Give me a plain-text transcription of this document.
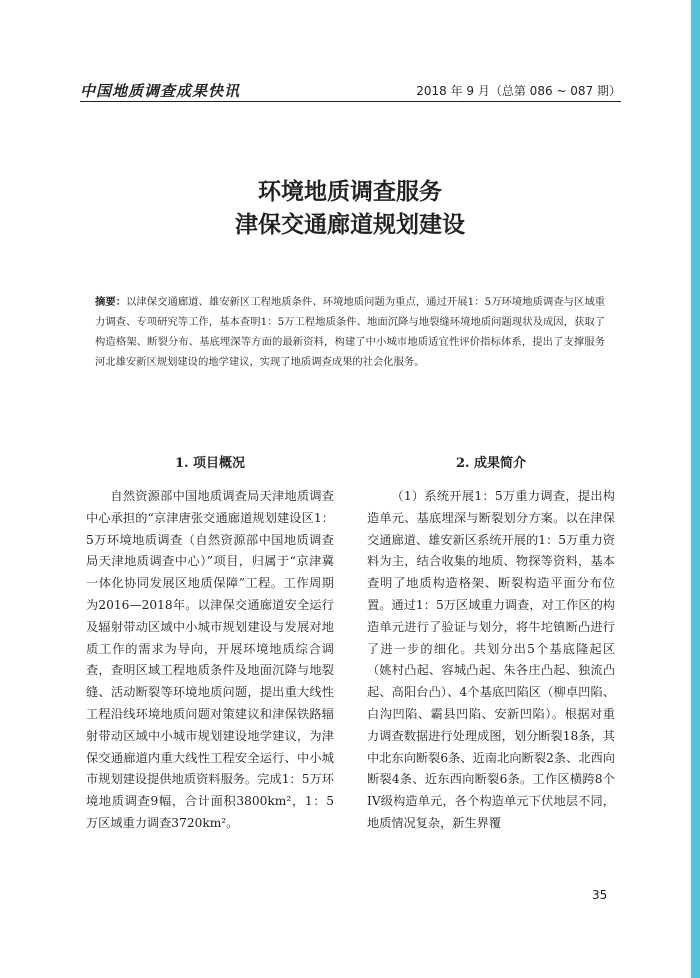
中国地质调查成果快讯	2018 年 9 月（总第 086 ~ 087 期）
环境地质调查服务
津保交通廊道规划建设
摘要：以津保交通廊道、雄安新区工程地质条件、环境地质问题为重点，通过开展1：5万环境地质调查与区域重力调查、专项研究等工作，基本查明1：5万工程地质条件、地面沉降与地裂缝环境地质问题现状及成因，获取了构造格架、断裂分布、基底埋深等方面的最新资料，构建了中小城市地质适宜性评价指标体系，提出了支撑服务河北雄安新区规划建设的地学建议，实现了地质调查成果的社会化服务。
1. 项目概况

自然资源部中国地质调查局天津地质调查中心承担的“京津唐张交通廊道规划建设区1：5万环境地质调查（自然资源部中国地质调查局天津地质调查中心）”项目，归属于“京津冀一体化协同发展区地质保障”工程。工作周期为2016—2018年。以津保交通廊道安全运行及辐射带动区域中小城市规划建设与发展对地质工作的需求为导向，开展环境地质综合调查，查明区域工程地质条件及地面沉降与地裂缝、活动断裂等环境地质问题，提出重大线性工程沿线环境地质问题对策建议和津保铁路辐射带动区域中小城市规划建设地学建议，为津保交通廊道内重大线性工程安全运行、中小城市规划建设提供地质资料服务。完成1：5万环境地质调查9幅，合计面积3800km²，1：5万区域重力调查3720km²。

2. 成果简介

（1）系统开展1：5万重力调查，提出构造单元、基底埋深与断裂划分方案。以在津保交通廊道、雄安新区系统开展的1：5万重力资料为主，结合收集的地质、物探等资料，基本查明了地质构造格架、断裂构造平面分布位置。通过1：5万区域重力调查，对工作区的构造单元进行了验证与划分，将牛坨镇断凸进行了进一步的细化。共划分出5个基底隆起区（姚村凸起、容城凸起、朱各庄凸起、独流凸起、高阳台凸）、4个基底凹陷区（柳卓凹陷、白沟凹陷、霸县凹陷、安新凹陷）。根据对重力调查数据进行处理成图，划分断裂18条，其中北东向断裂6条、近南北向断裂2条、北西向断裂4条、近东西向断裂6条。工作区横跨8个IV级构造单元，各个构造单元下伏地层不同，地质情况复杂，新生界覆

35
